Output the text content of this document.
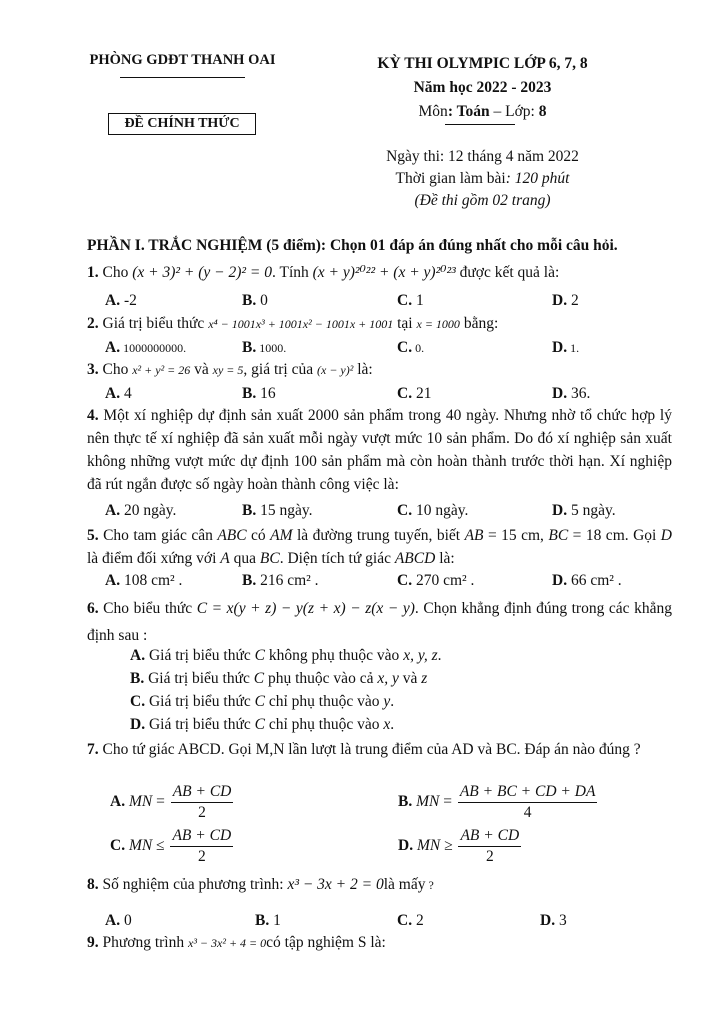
PHÒNG GDĐT THANH OAI
ĐỀ CHÍNH THỨC
KỲ THI OLYMPIC LỚP 6, 7, 8
Năm học 2022 - 2023
Môn: Toán – Lớp: 8
Ngày thi: 12 tháng 4 năm 2022
Thời gian làm bài: 120 phút
(Đề thi gồm 02 trang)
PHẦN I. TRẮC NGHIỆM (5 điểm): Chọn 01 đáp án đúng nhất cho mỗi câu hỏi.
1. Cho (x + 3)² + (y − 2)² = 0. Tính (x + y)²⁰²² + (x + y)²⁰²³ được kết quả là:
A. -2	B. 0	C. 1	D. 2
2. Giá trị biểu thức x⁴ − 1001x³ + 1001x² − 1001x + 1001 tại x = 1000 bằng:
A. 1000000000.	B. 1000.	C. 0.	D. 1.
3. Cho x² + y² = 26 và xy = 5, giá trị của (x − y)² là:
A. 4	B. 16	C. 21	D. 36.
4. Một xí nghiệp dự định sản xuất 2000 sản phẩm trong 40 ngày. Nhưng nhờ tổ chức hợp lý nên thực tế xí nghiệp đã sản xuất mỗi ngày vượt mức 10 sản phẩm. Do đó xí nghiệp sản xuất không những vượt mức dự định 100 sản phẩm mà còn hoàn thành trước thời hạn. Xí nghiệp đã rút ngắn được số ngày hoàn thành công việc là:
A. 20 ngày.	B. 15 ngày.	C. 10 ngày.	D. 5 ngày.
5. Cho tam giác cân ABC có AM là đường trung tuyến, biết AB = 15 cm, BC = 18 cm. Gọi D là điểm đối xứng với A qua BC. Diện tích tứ giác ABCD là:
A. 108 cm² .	B. 216 cm² .	C. 270 cm² .	D. 66 cm² .
6. Cho biểu thức C = x(y + z) − y(z + x) − z(x − y). Chọn khẳng định đúng trong các khẳng định sau :
A. Giá trị biểu thức C không phụ thuộc vào x, y, z.
B. Giá trị biểu thức C phụ thuộc vào cả x, y và z
C. Giá trị biểu thức C chỉ phụ thuộc vào y.
D. Giá trị biểu thức C chỉ phụ thuộc vào x.
7. Cho tứ giác ABCD. Gọi M,N lần lượt là trung điểm của AD và BC. Đáp án nào đúng ?
A. MN = $\frac{AB + CD}{2}$	B. MN = $\frac{AB + BC + CD + DA}{4}$
C. MN ≤ $\frac{AB + CD}{2}$	D. MN ≥ $\frac{AB + CD}{2}$
8. Số nghiệm của phương trình: x³ − 3x + 2 = 0là mấy ?
A. 0	B. 1	C. 2	D. 3
9. Phương trình x³ − 3x² + 4 = 0có tập nghiệm S là:
